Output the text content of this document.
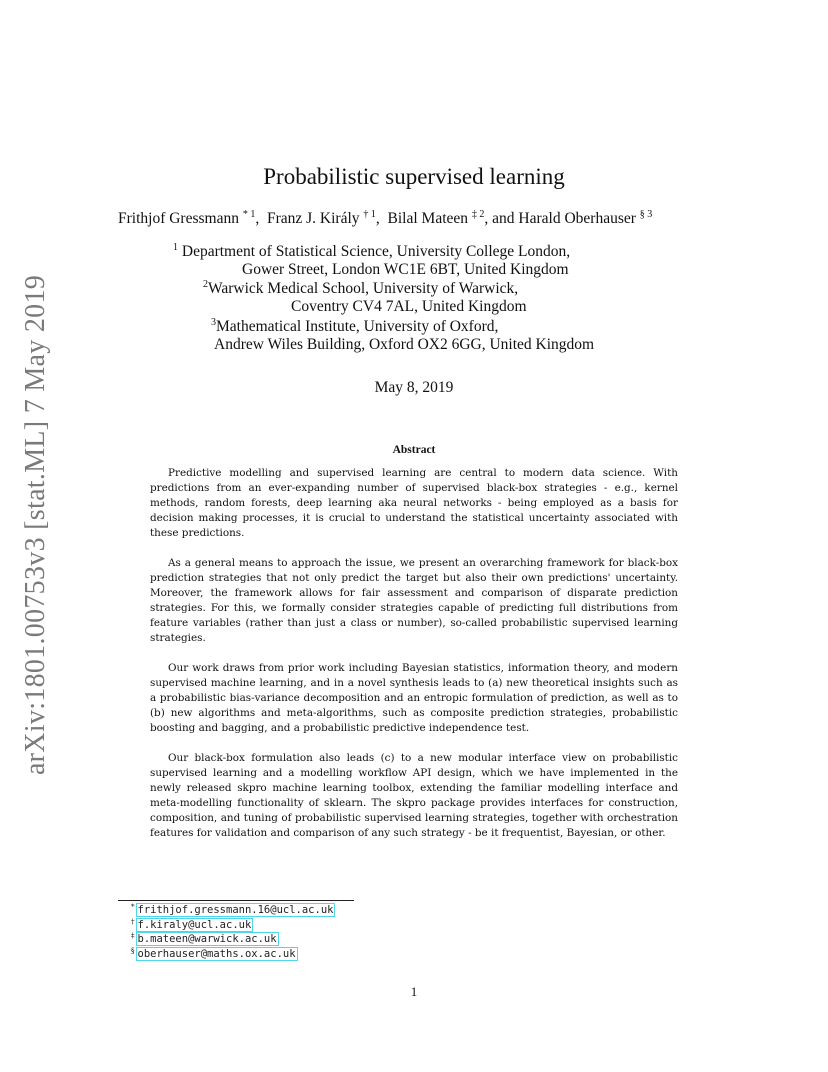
arXiv:1801.00753v3 [stat.ML] 7 May 2019
Probabilistic supervised learning
Frithjof Gressmann $^{* 1}$,  Franz J. Király $^{\dagger 1}$,  Bilal Mateen $^{\ddagger 2}$, and Harald Oberhauser $^{\S 3}$
$^1$ Department of Statistical Science, University College London,
Gower Street, London WC1E 6BT, United Kingdom
$^2$Warwick Medical School, University of Warwick,
Coventry CV4 7AL, United Kingdom
$^3$Mathematical Institute, University of Oxford,
Andrew Wiles Building, Oxford OX2 6GG, United Kingdom
May 8, 2019
Abstract

Predictive modelling and supervised learning are central to modern data science. With predictions from an ever-expanding number of supervised black-box strategies - e.g., kernel methods, random forests, deep learning aka neural networks - being employed as a basis for decision making processes, it is crucial to understand the statistical uncertainty associated with these predictions.

As a general means to approach the issue, we present an overarching framework for black-box prediction strategies that not only predict the target but also their own predictions' uncertainty. Moreover, the framework allows for fair assessment and comparison of disparate prediction strategies. For this, we formally consider strategies capable of predicting full distributions from feature variables (rather than just a class or number), so-called probabilistic supervised learning strategies.

Our work draws from prior work including Bayesian statistics, information theory, and modern supervised machine learning, and in a novel synthesis leads to (a) new theoretical insights such as a probabilistic bias-variance decomposition and an entropic formulation of prediction, as well as to (b) new algorithms and meta-algorithms, such as composite prediction strategies, probabilistic boosting and bagging, and a probabilistic predictive independence test.

Our black-box formulation also leads (c) to a new modular interface view on probabilistic supervised learning and a modelling workflow API design, which we have implemented in the newly released skpro machine learning toolbox, extending the familiar modelling interface and meta-modelling functionality of sklearn. The skpro package provides interfaces for construction, composition, and tuning of probabilistic supervised learning strategies, together with orchestration features for validation and comparison of any such strategy - be it frequentist, Bayesian, or other.

* frithjof.gressmann.16@ucl.ac.uk
† f.kiraly@ucl.ac.uk
‡ b.mateen@warwick.ac.uk
§ oberhauser@maths.ox.ac.uk
1
